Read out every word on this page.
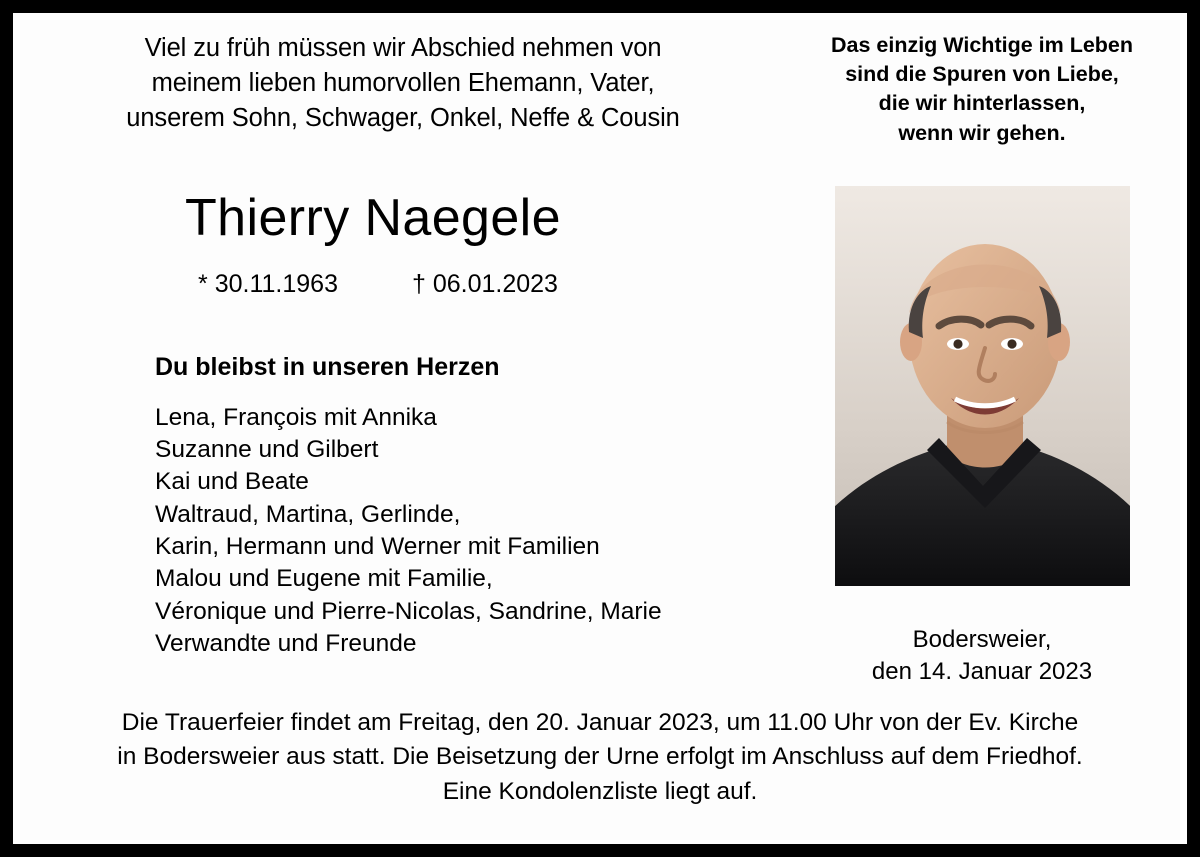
Viel zu früh müssen wir Abschied nehmen von
meinem lieben humorvollen Ehemann, Vater,
unserem Sohn, Schwager, Onkel, Neffe & Cousin
Thierry Naegele
* 30.11.1963	† 06.01.2023
Du bleibst in unseren Herzen
Lena, François mit Annika
Suzanne und Gilbert
Kai und Beate
Waltraud, Martina, Gerlinde,
Karin, Hermann und Werner mit Familien
Malou und Eugene mit Familie,
Véronique und Pierre-Nicolas, Sandrine, Marie
Verwandte und Freunde
Das einzig Wichtige im Leben
sind die Spuren von Liebe,
die wir hinterlassen,
wenn wir gehen.
Bodersweier,
den 14. Januar 2023
Die Trauerfeier findet am Freitag, den 20. Januar 2023, um 11.00 Uhr von der Ev. Kirche
in Bodersweier aus statt. Die Beisetzung der Urne erfolgt im Anschluss auf dem Friedhof.
Eine Kondolenzliste liegt auf.
